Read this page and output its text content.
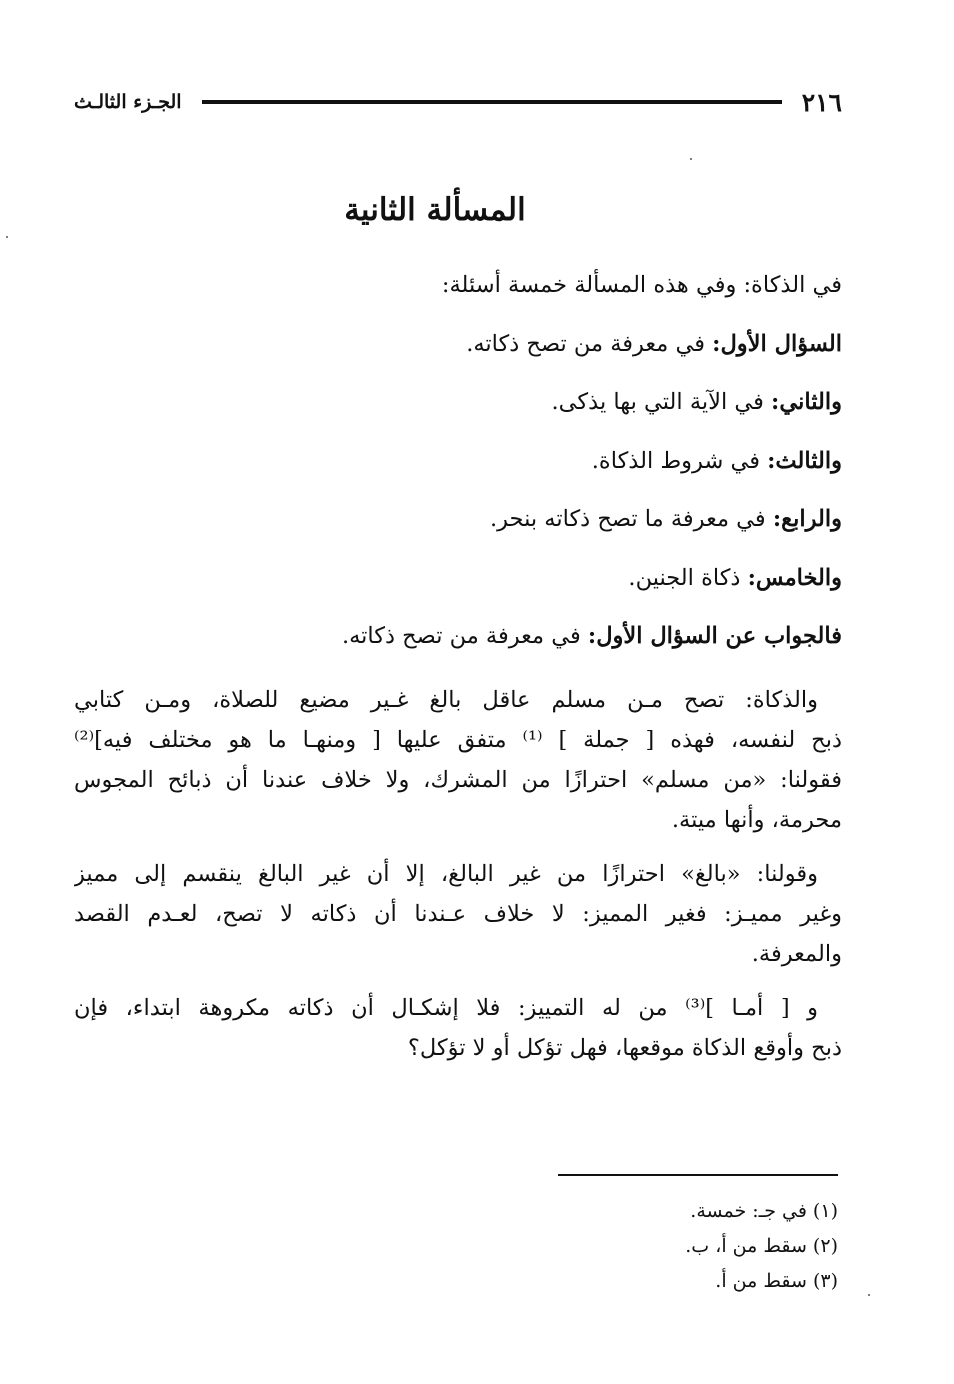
٢١٦
الجـزء الثالـث
المسألة الثانية
في الذكاة: وفي هذه المسألة خمسة أسئلة:
السؤال الأول: في معرفة من تصح ذكاته.
والثاني: في الآية التي بها يذكى.
والثالث: في شروط الذكاة.
والرابع: في معرفة ما تصح ذكاته بنحر.
والخامس: ذكاة الجنين.
فالجواب عن السؤال الأول: في معرفة من تصح ذكاته.
والذكاة: تصح مـن مسلم عاقل بالغ غـير مضيع للصلاة، ومـن كتابي
ذبح لنفسه، فهذه [ جملة ] ⁽¹⁾ متفق عليها [ ومنهـا ما هو مختلف فيه]⁽²⁾
فقولنا: «من مسلم» احترازًا من المشرك، ولا خلاف عندنا أن ذبائح المجوس
محرمة، وأنها ميتة.
وقولنا: «بالغ» احترازًا من غير البالغ، إلا أن غير البالغ ينقسم إلى مميز
وغير مميـز: فغير المميز: لا خلاف عـندنا أن ذكاته لا تصح، لعـدم القصد
والمعرفة.
و [ أمـا ]⁽³⁾ من له التمييز: فلا إشكـال أن ذكاته مكروهة ابتداء، فإن
ذبح وأوقع الذكاة موقعها، فهل تؤكل أو لا تؤكل؟
(١) في جـ: خمسة.
(٢) سقط من أ، ب.
(٣) سقط من أ.
